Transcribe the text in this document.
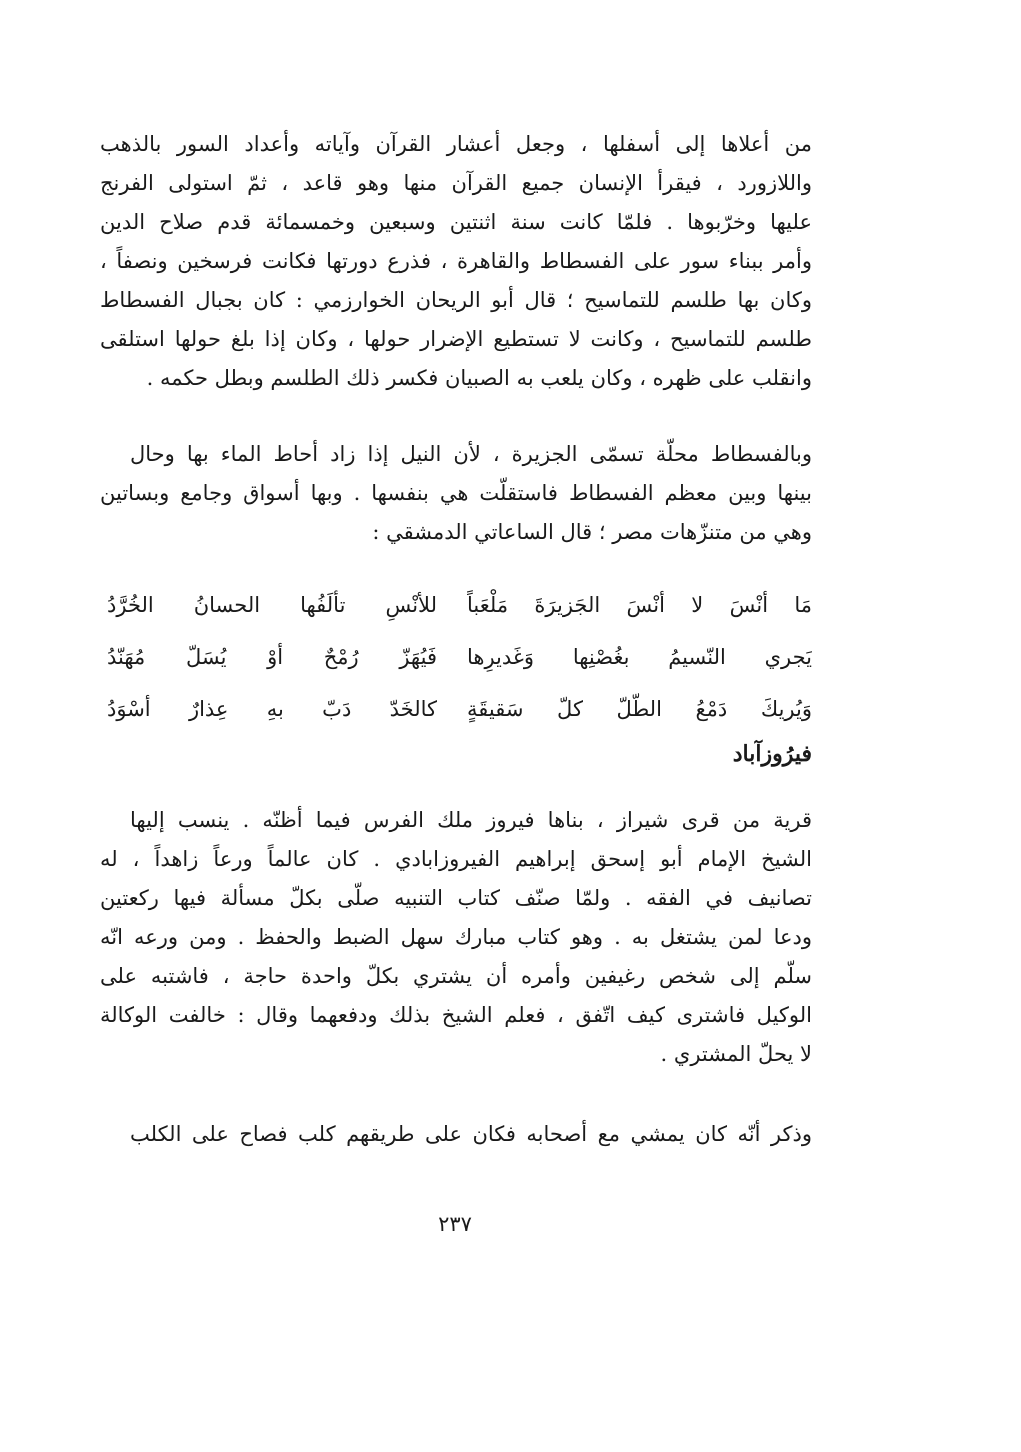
من أعلاها إلى أسفلها ، وجعل أعشار القرآن وآياته وأعداد السور بالذهب
واللازورد ، فيقرأ الإنسان جميع القرآن منها وهو قاعد ، ثمّ استولى الفرنج
عليها وخرّبوها . فلمّا كانت سنة اثنتين وسبعين وخمسمائة قدم صلاح الدين
وأمر ببناء سور على الفسطاط والقاهرة ، فذرع دورتها فكانت فرسخين ونصفاً ،
وكان بها طلسم للتماسيح ؛ قال أبو الريحان الخوارزمي : كان بجبال الفسطاط
طلسم للتماسيح ، وكانت لا تستطيع الإضرار حولها ، وكان إذا بلغ حولها استلقى
وانقلب على ظهره ، وكان يلعب به الصبيان فكسر ذلك الطلسم وبطل حكمه .
وبالفسطاط محلّة تسمّى الجزيرة ، لأن النيل إذا زاد أحاط الماء بها وحال
بينها وبين معظم الفسطاط فاستقلّت هي بنفسها . وبها أسواق وجامع وبساتين
وهي من متنزّهات مصر ؛ قال الساعاتي الدمشقي :
مَا أنْسَ لا أنْسَ الجَزيرَةَ مَلْعَباً
للأنْسِ تألَفُها الحسانُ الخُرَّدُ
يَجري النّسيمُ بغُصْنِها وَغَديرِها
فَيُهَزّ رُمْحٌ أوْ يُسَلّ مُهَنّدُ
وَيُريكَ دَمْعُ الطّلّ كلّ سَقيقَةٍ
كالخَدّ دَبّ بهِ عِذارٌ أسْوَدُ
فيرُوزآباد
قرية من قرى شيراز ، بناها فيروز ملك الفرس فيما أظنّه . ينسب إليها
الشيخ الإمام أبو إسحق إبراهيم الفيروزابادي . كان عالماً ورعاً زاهداً ، له
تصانيف في الفقه . ولمّا صنّف كتاب التنبيه صلّى بكلّ مسألة فيها ركعتين
ودعا لمن يشتغل به . وهو كتاب مبارك سهل الضبط والحفظ . ومن ورعه انّه
سلّم إلى شخص رغيفين وأمره أن يشتري بكلّ واحدة حاجة ، فاشتبه على
الوكيل فاشترى كيف اتّفق ، فعلم الشيخ بذلك ودفعهما وقال : خالفت الوكالة
لا يحلّ المشتري .
وذكر أنّه كان يمشي مع أصحابه فكان على طريقهم كلب فصاح على الكلب
٢٣٧
